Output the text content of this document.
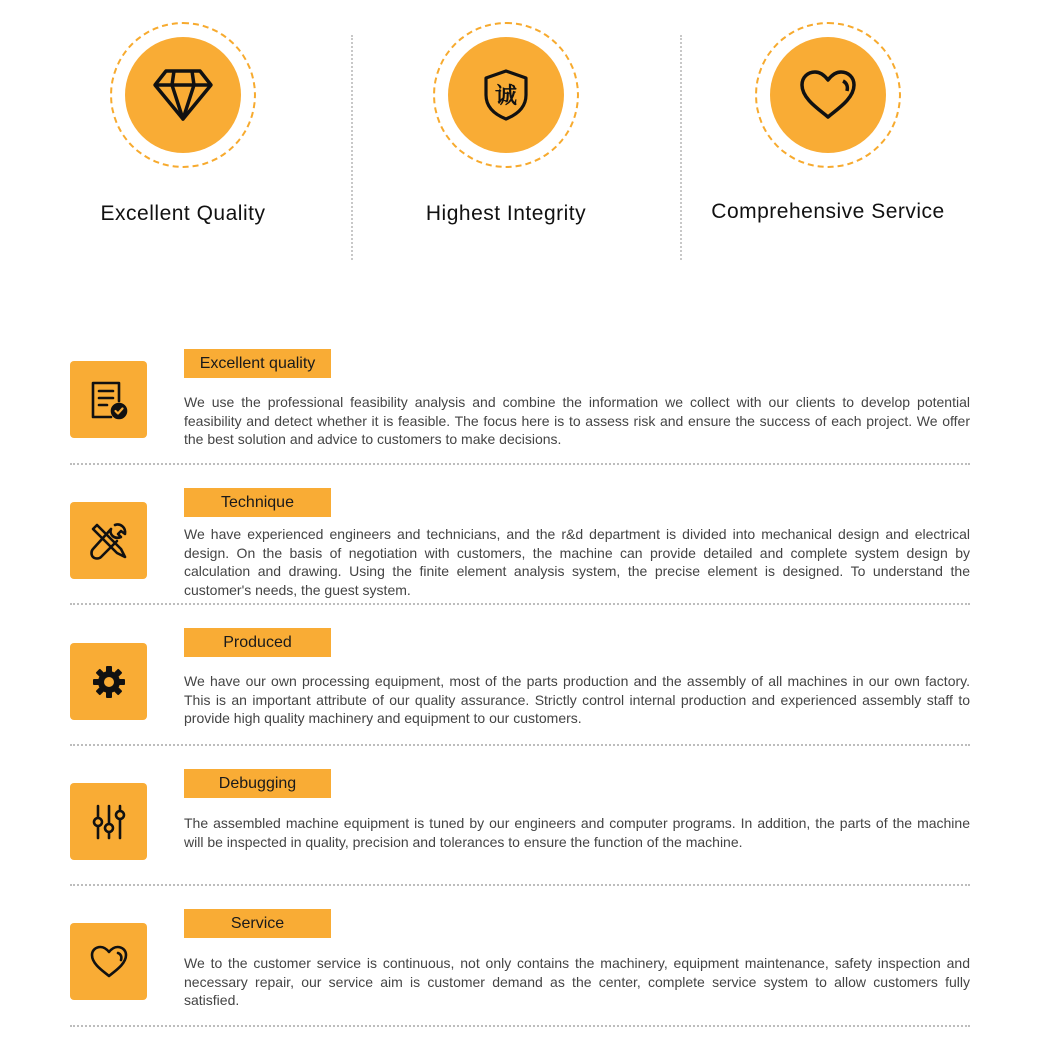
Excellent Quality
诚
Highest Integrity	Comprehensive Service
Excellent quality

We use the professional feasibility analysis and combine the information we collect with our clients to develop potential feasibility and detect whether it is feasible. The focus here is to assess risk and ensure the success of each project. We offer the best solution and advice to customers to make decisions.

Technique

We have experienced engineers and technicians, and the r&d department is divided into mechanical design and electrical design. On the basis of negotiation with customers, the machine can provide detailed and complete system design by calculation and drawing. Using the finite element analysis system, the precise element is designed. To understand the customer's needs, the guest system.

Produced

We have our own processing equipment, most of the parts production and the assembly of all machines in our own factory. This is an important attribute of our quality assurance. Strictly control internal production and experienced assembly staff to provide high quality machinery and equipment to our customers.

Debugging

The assembled machine equipment is tuned by our engineers and computer programs. In addition, the parts of the machine will be inspected in quality, precision and tolerances to ensure the function of the machine.

Service

We to the customer service is continuous, not only contains the machinery, equipment maintenance, safety inspection and necessary repair, our service aim is customer demand as the center, complete service system to allow customers fully satisfied.
